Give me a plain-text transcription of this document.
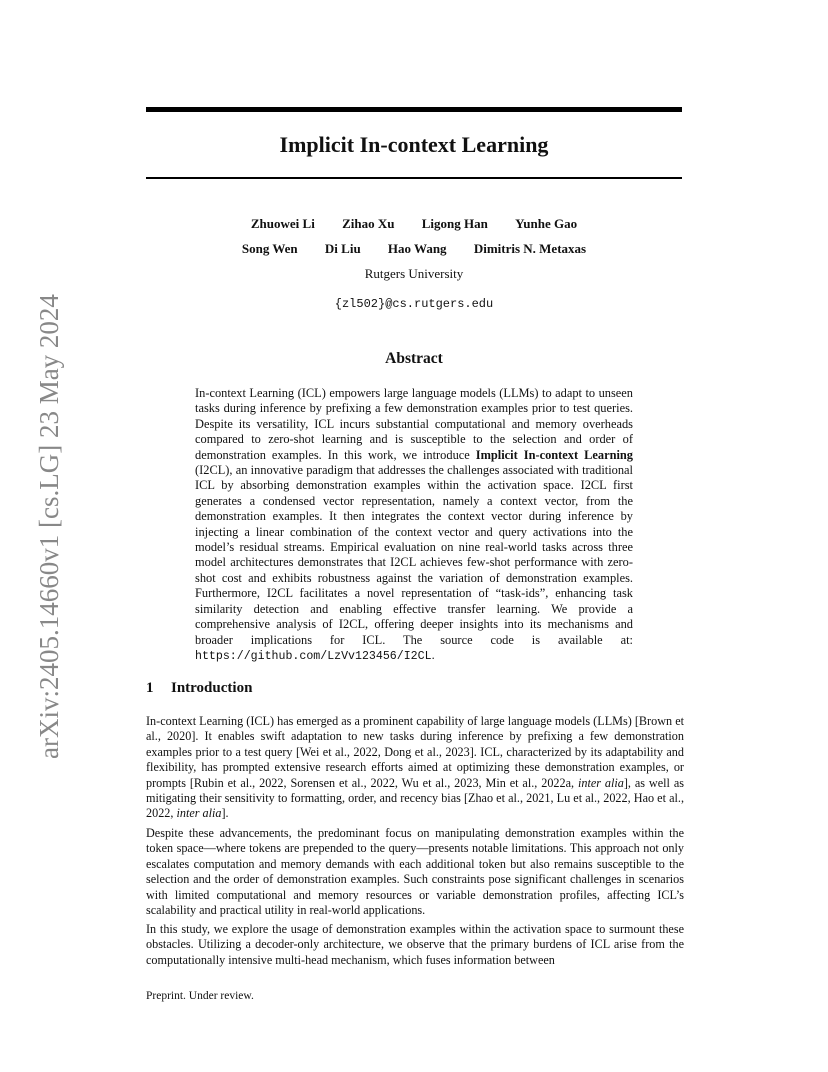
arXiv:2405.14660v1 [cs.LG] 23 May 2024
Implicit In-context Learning
Zhuowei Li Zihao Xu Ligong Han Yunhe Gao
Song Wen Di Liu Hao Wang Dimitris N. Metaxas
Rutgers University
{zl502}@cs.rutgers.edu
Abstract

In-context Learning (ICL) empowers large language models (LLMs) to adapt to unseen tasks during inference by prefixing a few demonstration examples prior to test queries. Despite its versatility, ICL incurs substantial computational and memory overheads compared to zero-shot learning and is susceptible to the selection and order of demonstration examples. In this work, we introduce Implicit In-context Learning (I2CL), an innovative paradigm that addresses the challenges associated with traditional ICL by absorbing demonstration examples within the activation space. I2CL first generates a condensed vector representation, namely a context vector, from the demonstration examples. It then integrates the context vector during inference by injecting a linear combination of the context vector and query activations into the model’s residual streams. Empirical evaluation on nine real-world tasks across three model architectures demonstrates that I2CL achieves few-shot performance with zero-shot cost and exhibits robustness against the variation of demonstration examples. Furthermore, I2CL facilitates a novel representation of “task-ids”, enhancing task similarity detection and enabling effective transfer learning. We provide a comprehensive analysis of I2CL, offering deeper insights into its mechanisms and broader implications for ICL. The source code is available at: https://github.com/LzVv123456/I2CL.

1 Introduction

In-context Learning (ICL) has emerged as a prominent capability of large language models (LLMs) [Brown et al., 2020]. It enables swift adaptation to new tasks during inference by prefixing a few demonstration examples prior to a test query [Wei et al., 2022, Dong et al., 2023]. ICL, characterized by its adaptability and flexibility, has prompted extensive research efforts aimed at optimizing these demonstration examples, or prompts [Rubin et al., 2022, Sorensen et al., 2022, Wu et al., 2023, Min et al., 2022a, inter alia], as well as mitigating their sensitivity to formatting, order, and recency bias [Zhao et al., 2021, Lu et al., 2022, Hao et al., 2022, inter alia].

Despite these advancements, the predominant focus on manipulating demonstration examples within the token space—where tokens are prepended to the query—presents notable limitations. This approach not only escalates computation and memory demands with each additional token but also remains susceptible to the selection and the order of demonstration examples. Such constraints pose significant challenges in scenarios with limited computational and memory resources or variable demonstration profiles, affecting ICL’s scalability and practical utility in real-world applications.

In this study, we explore the usage of demonstration examples within the activation space to surmount these obstacles. Utilizing a decoder-only architecture, we observe that the primary burdens of ICL arise from the computationally intensive multi-head mechanism, which fuses information between

Preprint. Under review.
